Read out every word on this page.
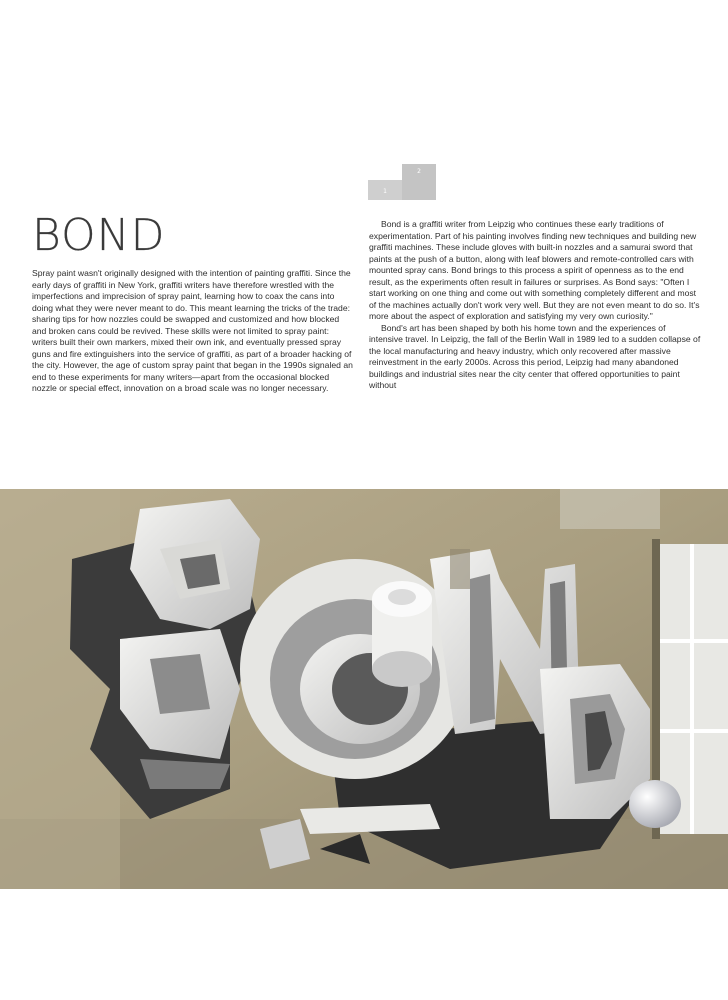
1
2
BOND

Spray paint wasn't originally designed with the intention of painting graffiti. Since the early days of graffiti in New York, graffiti writers have therefore wrestled with the imperfections and imprecision of spray paint, learning how to coax the cans into doing what they were never meant to do. This meant learning the tricks of the trade: sharing tips for how nozzles could be swapped and customized and how blocked and broken cans could be revived. These skills were not limited to spray paint: writers built their own markers, mixed their own ink, and eventually pressed spray guns and fire extinguishers into the service of graffiti, as part of a broader hacking of the city. However, the age of custom spray paint that began in the 1990s signaled an end to these experiments for many writers—apart from the occasional blocked nozzle or special effect, innovation on a broad scale was no longer necessary.

Bond is a graffiti writer from Leipzig who continues these early traditions of experimentation. Part of his painting involves finding new techniques and building new graffiti machines. These include gloves with built-in nozzles and a samurai sword that paints at the push of a button, along with leaf blowers and remote-controlled cars with mounted spray cans. Bond brings to this process a spirit of openness as to the end result, as the experiments often result in failures or surprises. As Bond says: "Often I start working on one thing and come out with something completely different and most of the machines actually don't work very well. But they are not even meant to do so. It's more about the aspect of exploration and satisfying my very own curiosity."

Bond's art has been shaped by both his home town and the experiences of intensive travel. In Leipzig, the fall of the Berlin Wall in 1989 led to a sudden collapse of the local manufacturing and heavy industry, which only recovered after massive reinvestment in the early 2000s. Across this period, Leipzig had many abandoned buildings and industrial sites near the city center that offered opportunities to paint without
